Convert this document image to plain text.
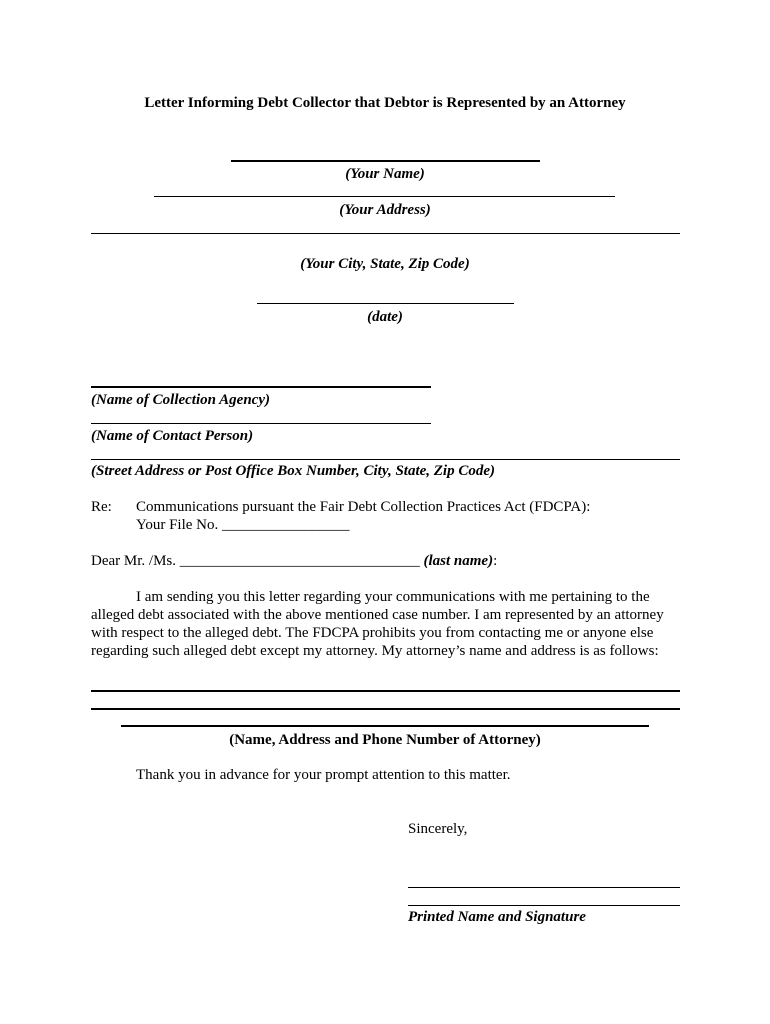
Letter Informing Debt Collector that Debtor is Represented by an Attorney
(Your Name)
(Your Address)
(Your City, State, Zip Code)
(date)
(Name of Collection Agency)
(Name of Contact Person)
(Street Address or Post Office Box Number, City, State, Zip Code)
Re: Communications pursuant the Fair Debt Collection Practices Act (FDCPA):
Your File No. _________________
Dear Mr. /Ms. ________________________________ (last name):
I am sending you this letter regarding your communications with me pertaining to the alleged debt associated with the above mentioned case number. I am represented by an attorney with respect to the alleged debt. The FDCPA prohibits you from contacting me or anyone else regarding such alleged debt except my attorney. My attorney’s name and address is as follows:
(Name, Address and Phone Number of Attorney)
Thank you in advance for your prompt attention to this matter.
Sincerely,
Printed Name and Signature
